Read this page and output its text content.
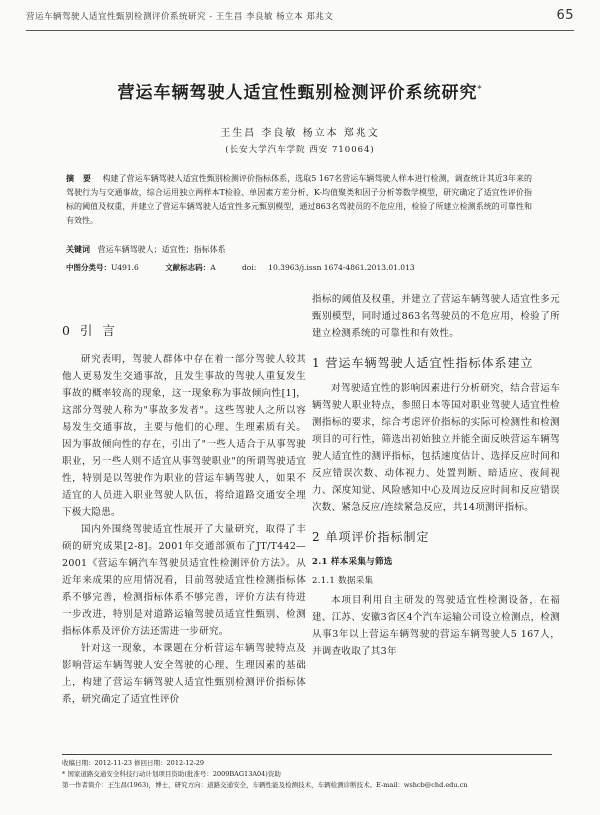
营运车辆驾驶人适宜性甄别检测评价系统研究 - 王生昌 李良敏 杨立本 郑兆文	65
营运车辆驾驶人适宜性甄别检测评价系统研究*
王生昌 李良敏 杨立本 郑兆文
(长安大学汽车学院 西安 710064)
摘 要 构建了营运车辆驾驶人适宜性甄别检测评价指标体系，选取5 167名营运车辆驾驶人样本进行检测，调查统计其近3年来的驾驶行为与交通事故，综合运用独立两样本T检验、单因素方差分析、K-均值聚类和因子分析等数学模型，研究确定了适宜性评价指标的阈值及权重，并建立了营运车辆驾驶人适宜性多元甄别模型，通过863名驾驶员的不危应用，检验了所建立检测系统的可靠性和有效性。
关键词 营运车辆驾驶人；适宜性；指标体系
中图分类号：U491.6	文献标志码：A	doi: 10.3963/j.issn 1674-4861.2013.01.013
0 引 言

研究表明，驾驶人群体中存在着一部分驾驶人较其他人更易发生交通事故，且发生事故的驾驶人重复发生事故的概率较高的现象，这一现象称为事故倾向性[1]，这部分驾驶人称为"事故多发者"。这些驾驶人之所以容易发生交通事故，主要与他们的心理、生理素质有关。因为事故倾向性的存在，引出了"一些人适合于从事驾驶职业，另一些人则不适宜从事驾驶职业"的所谓驾驶适宜性，特别是以驾驶作为职业的营运车辆驾驶人，如果不适宜的人员进入职业驾驶人队伍，将给道路交通安全埋下极大隐患。

国内外围绕驾驶适宜性展开了大量研究，取得了丰硕的研究成果[2-8]。2001年交通部颁布了JT/T442—2001《营运车辆汽车驾驶员适宜性检测评价方法》。从近年来成果的应用情况看，目前驾驶适宜性检测指标体系不够完善，检测指标体系不够完善，评价方法有待进一步改进，特别是对道路运输驾驶员适宜性甄别、检测指标体系及评价方法还需进一步研究。

针对这一现象，本课题在分析营运车辆驾驶特点及影响营运车辆驾驶人安全驾驶的心理、生理因素的基础上，构建了营运车辆驾驶人适宜性甄别检测评价指标体系，研究确定了适宜性评价

指标的阈值及权重，并建立了营运车辆驾驶人适宜性多元甄别模型，同时通过863名驾驶员的不危应用，检验了所建立检测系统的可靠性和有效性。

1 营运车辆驾驶人适宜性指标体系建立

对驾驶适宜性的影响因素进行分析研究，结合营运车辆驾驶人职业特点，参照日本等国对职业驾驶人适宜性检测指标的要求，综合考虑评价指标的实际可检测性和检测项目的可行性，筛选出初始独立并能全面反映营运车辆驾驶人适宜性的测评指标，包括速度估计、选择反应时间和反应错误次数、动体视力、处置判断、暗适应、夜间视力、深度知觉、风险感知中心及周边反应时间和反应错误次数、紧急反应/连续紧急反应，共14项测评指标。

2 单项评价指标制定
2.1 样本采集与筛选
2.1.1 数据采集

本项目利用自主研发的驾驶适宜性检测设备，在福建、江苏、安徽3省区4个汽车运输公司设立检测点，检测从事3年以上营运车辆驾驶的营运车辆驾驶人5 167人，并调查收取了其3年

收稿日期：2012-11-23 修回日期：2012-12-29
* 国家道路交通安全科技行动计划项目资助(批准号：2009BAG13A04)资助
第一作者简介：王生昌(1963)，博士，研究方向：道路交通安全，车辆性能及检测技术，车辆检测诊断技术。E-mail：wshcb@chd.edu.cn
